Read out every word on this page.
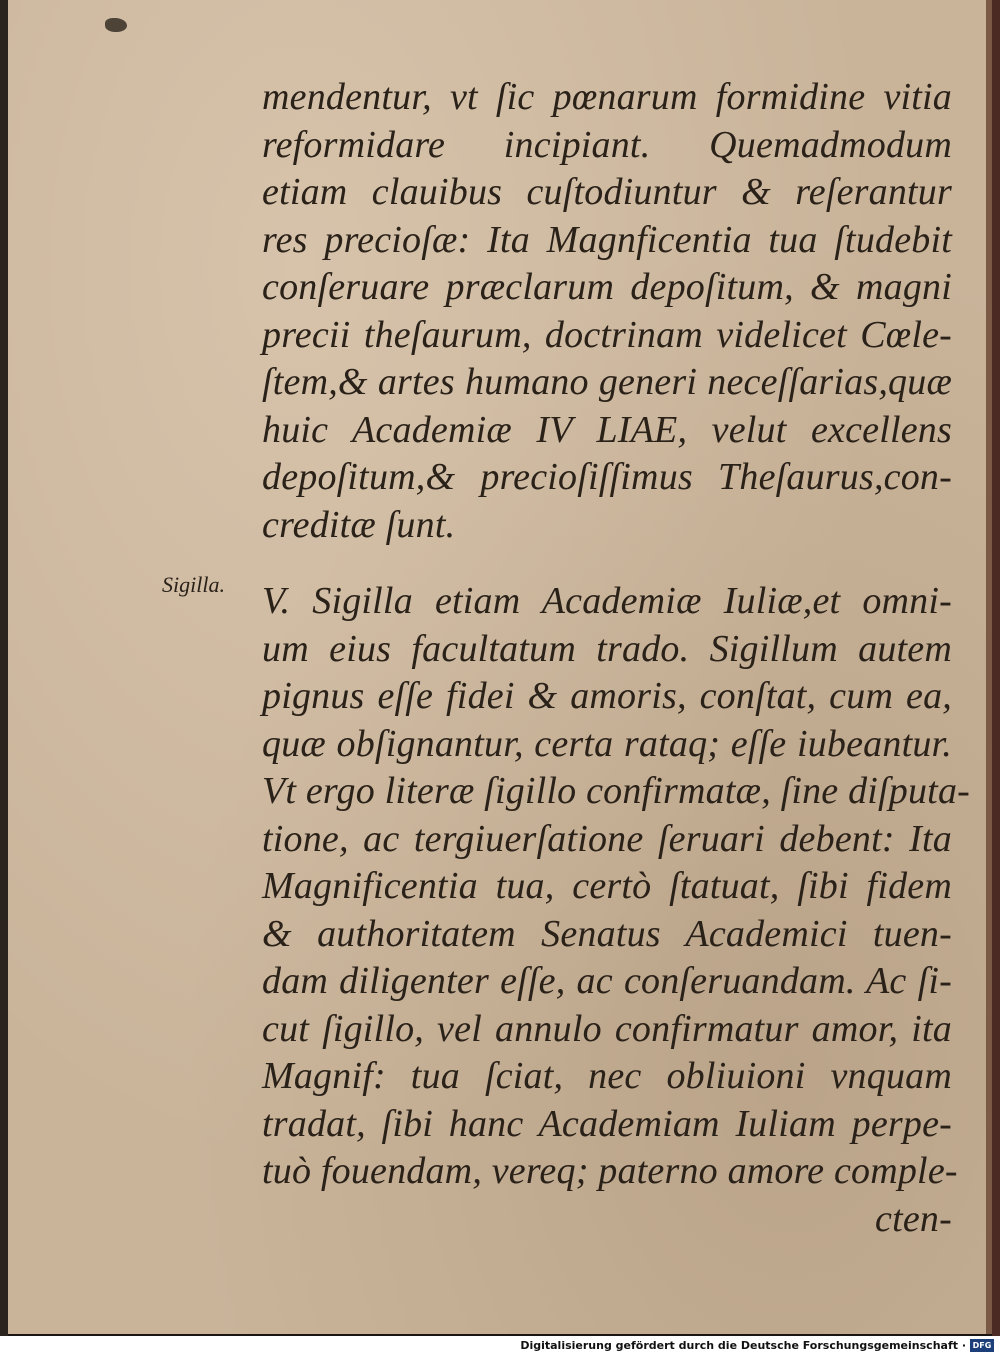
mendentur, vt ſic pœnarum formidine vitia
reformidare incipiant. Quemadmodum
etiam clauibus cuſtodiuntur & reſerantur
res precioſæ: Ita Magnficentia tua ſtudebit
conſeruare præclarum depoſitum, & magni
precii theſaurum, doctrinam videlicet Cœle-
ſtem,& artes humano generi neceſſarias,quæ
huic Academiæ IV LIAE, velut excellens
depoſitum,& precioſiſſimus Theſaurus,con-
creditæ ſunt.
Sigilla. V. Sigilla etiam Academiæ Iuliæ,et omni-
um eius facultatum trado. Sigillum autem
pignus eſſe fidei & amoris, conſtat, cum ea,
quæ obſignantur, certa rataq; eſſe iubeantur.
Vt ergo literæ ſigillo confirmatæ, ſine diſputa-
tione, ac tergiuerſatione ſeruari debent: Ita
Magnificentia tua, certò ſtatuat, ſibi fidem
& authoritatem Senatus Academici tuen-
dam diligenter eſſe, ac conſeruandam. Ac ſi-
cut ſigillo, vel annulo confirmatur amor, ita
Magnif: tua ſciat, nec obliuioni vnquam
tradat, ſibi hanc Academiam Iuliam perpe-
tuò fouendam, vereq; paterno amore comple-
cten-
Digitalisierung gefördert durch die Deutsche Forschungsgemeinschaft · DFG
